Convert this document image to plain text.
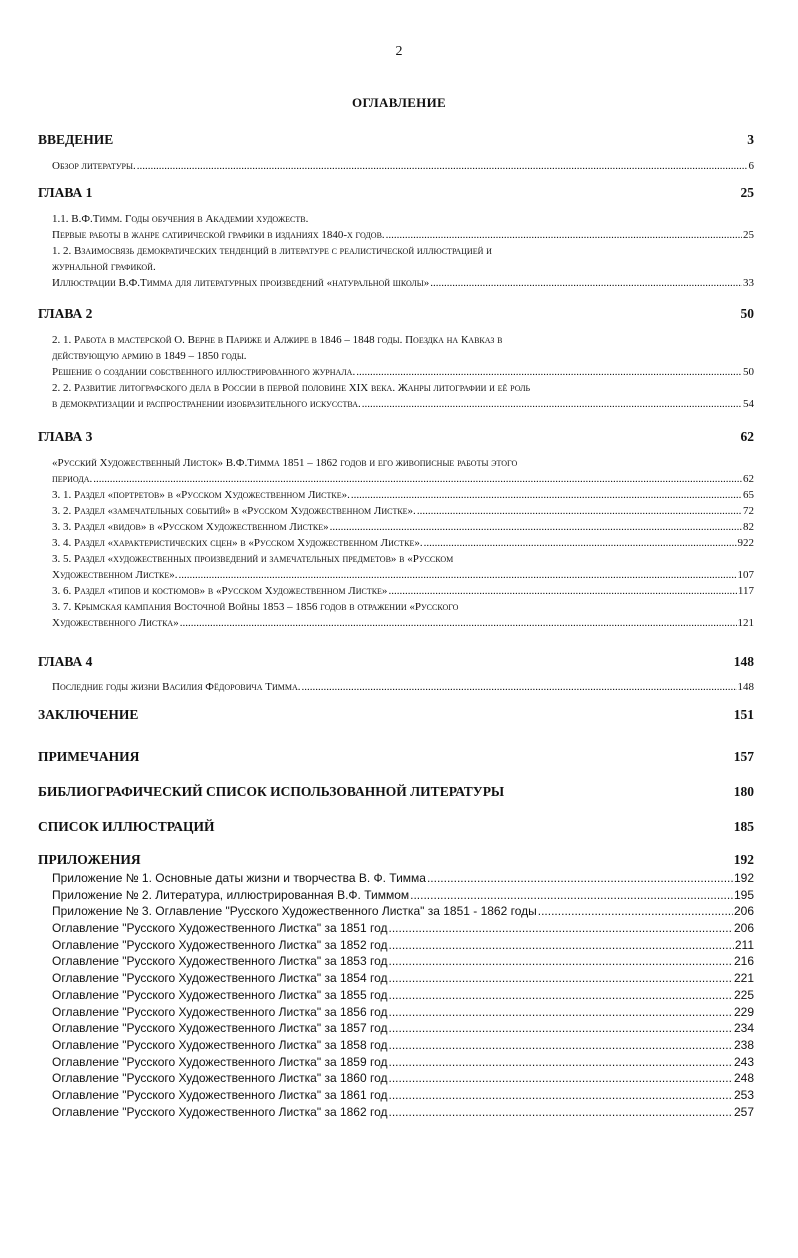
2
ОГЛАВЛЕНИЕ
ВВЕДЕНИЕ	3
Обзор литературы. .....	6
ГЛАВА 1	25
1.1. В.Ф.Тимм. Годы обучения в Академии художеств.
Первые работы в жанре сатирической графики в изданиях 1840-х годов. .....	25
1. 2. Взаимосвязь демократических тенденций в литературе с реалистической иллюстрацией и
журнальной графикой.
Иллюстрации В.Ф.Тимма для литературных произведений «натуральной школы» .....	33
ГЛАВА 2	50
2. 1. Работа в мастерской О. Верне в Париже и Алжире в 1846 – 1848 годы. Поездка на Кавказ в
действующую армию в 1849 – 1850 годы.
Решение о создании собственного иллюстрированного журнала. .....	50
2. 2. Развитие литографского дела в России в первой половине XIX века. Жанры литографии и её роль
в демократизации и распространении изобразительного искусства. .....	54
ГЛАВА 3	62
«Русский Художественный Листок» В.Ф.Тимма 1851 – 1862 годов и его живописные работы этого
периода. .....	62
3. 1. Раздел «портретов» в «Русском Художественном Листке». .....	65
3. 2. Раздел «замечательных событий» в «Русском Художественном Листке». .....	72
3. 3. Раздел «видов» в «Русском Художественном Листке» .....	82
3. 4. Раздел «характеристических сцен» в «Русском Художественном Листке». .....	922
3. 5. Раздел «художественных произведений и замечательных предметов» в «Русском
Художественном Листке». .....	107
3. 6. Раздел «типов и костюмов» в «Русском Художественном Листке» .....	117
3. 7. Крымская кампания Восточной Войны 1853 – 1856 годов в отражении «Русского
Художественного Листка» .....	121
ГЛАВА 4	148
Последние годы жизни Василия Фёдоровича Тимма. .....	148
ЗАКЛЮЧЕНИЕ	151
ПРИМЕЧАНИЯ	157
БИБЛИОГРАФИЧЕСКИЙ СПИСОК ИСПОЛЬЗОВАННОЙ ЛИТЕРАТУРЫ	180
СПИСОК ИЛЛЮСТРАЦИЙ	185
ПРИЛОЖЕНИЯ	192
Приложение № 1. Основные даты жизни и творчества В. Ф. Тимма .....	192
Приложение № 2. Литература, иллюстрированная В.Ф. Тиммом .....	195
Приложение № 3. Оглавление "Русского Художественного Листка" за 1851 - 1862 годы .....	206
Оглавление "Русского Художественного Листка" за 1851 год .....	206
Оглавление "Русского Художественного Листка" за 1852 год .....	211
Оглавление "Русского Художественного Листка" за 1853 год .....	216
Оглавление "Русского Художественного Листка" за 1854 год .....	221
Оглавление "Русского Художественного Листка" за 1855 год .....	225
Оглавление "Русского Художественного Листка" за 1856 год .....	229
Оглавление "Русского Художественного Листка" за 1857 год .....	234
Оглавление "Русского Художественного Листка" за 1858 год .....	238
Оглавление "Русского Художественного Листка" за 1859 год .....	243
Оглавление "Русского Художественного Листка" за 1860 год .....	248
Оглавление "Русского Художественного Листка" за 1861 год .....	253
Оглавление "Русского Художественного Листка" за 1862 год .....	257
